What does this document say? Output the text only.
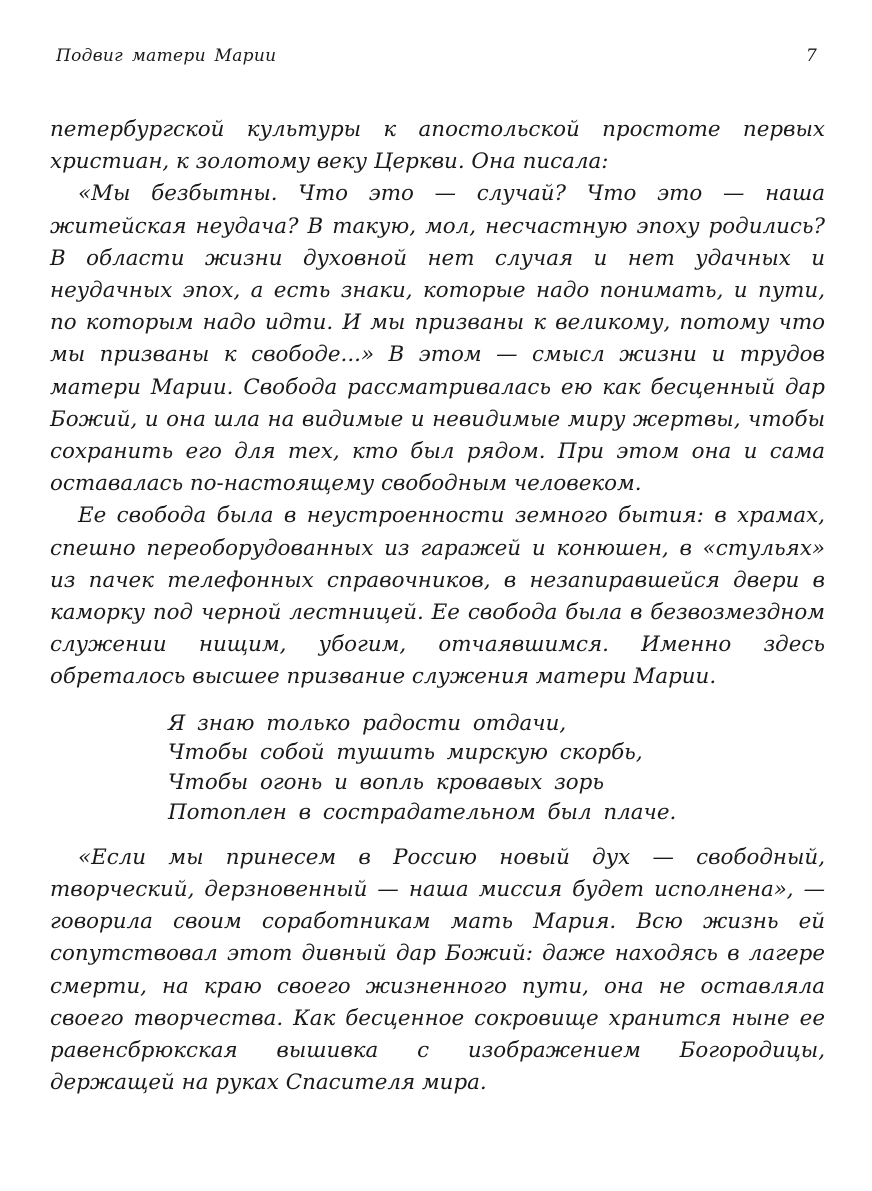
Подвиг матери Марии	7

петербургской культуры к апостольской простоте первых христиан, к золотому веку Церкви. Она писала:

«Мы безбытны. Что это — случай? Что это — наша житейская неудача? В такую, мол, несчастную эпоху родились? В области жизни духовной нет случая и нет удачных и неудачных эпох, а есть знаки, которые надо понимать, и пути, по которым надо идти. И мы призваны к великому, потому что мы призваны к свободе...» В этом — смысл жизни и трудов матери Марии. Свобода рассматривалась ею как бесценный дар Божий, и она шла на видимые и невидимые миру жертвы, чтобы сохранить его для тех, кто был рядом. При этом она и сама оставалась по-настоящему свободным человеком.

Ее свобода была в неустроенности земного бытия: в храмах, спешно переоборудованных из гаражей и конюшен, в «стульях» из пачек телефонных справочников, в незапиравшейся двери в каморку под черной лестницей. Ее свобода была в безвозмездном служении нищим, убогим, отчаявшимся. Именно здесь обреталось высшее призвание служения матери Марии.

Я знаю только радости отдачи,
Чтобы собой тушить мирскую скорбь,
Чтобы огонь и вопль кровавых зорь
Потоплен в сострадательном был плаче.

«Если мы принесем в Россию новый дух — свободный, творческий, дерзновенный — наша миссия будет исполнена», — говорила своим соработникам мать Мария. Всю жизнь ей сопутствовал этот дивный дар Божий: даже находясь в лагере смерти, на краю своего жизненного пути, она не оставляла своего творчества. Как бесценное сокровище хранится ныне ее равенсбрюкская вышивка с изображением Богородицы, держащей на руках Спасителя мира.
